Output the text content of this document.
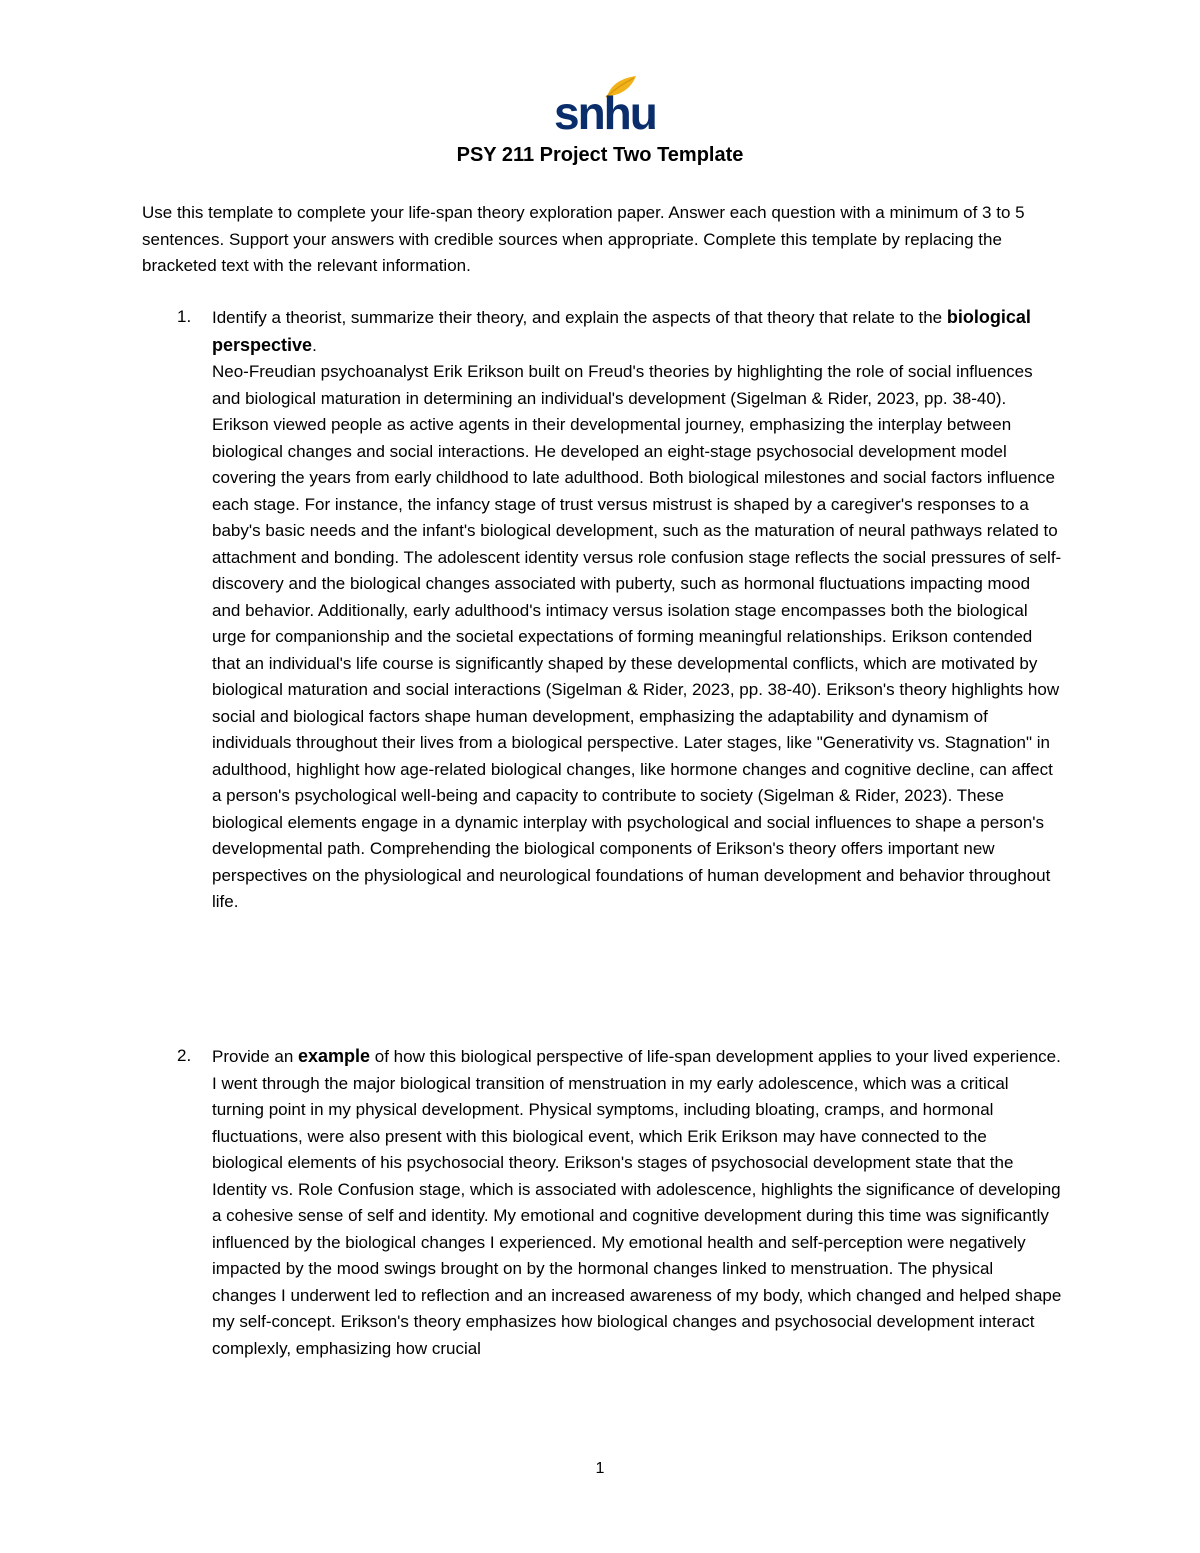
snhu
PSY 211 Project Two Template
Use this template to complete your life-span theory exploration paper. Answer each question with a minimum of 3 to 5 sentences. Support your answers with credible sources when appropriate. Complete this template by replacing the bracketed text with the relevant information.
1. Identify a theorist, summarize their theory, and explain the aspects of that theory that relate to the biological perspective.
Neo-Freudian psychoanalyst Erik Erikson built on Freud's theories by highlighting the role of social influences and biological maturation in determining an individual's development (Sigelman & Rider, 2023, pp. 38-40). Erikson viewed people as active agents in their developmental journey, emphasizing the interplay between biological changes and social interactions. He developed an eight-stage psychosocial development model covering the years from early childhood to late adulthood. Both biological milestones and social factors influence each stage. For instance, the infancy stage of trust versus mistrust is shaped by a caregiver's responses to a baby's basic needs and the infant's biological development, such as the maturation of neural pathways related to attachment and bonding. The adolescent identity versus role confusion stage reflects the social pressures of self-discovery and the biological changes associated with puberty, such as hormonal fluctuations impacting mood and behavior. Additionally, early adulthood's intimacy versus isolation stage encompasses both the biological urge for companionship and the societal expectations of forming meaningful relationships. Erikson contended that an individual's life course is significantly shaped by these developmental conflicts, which are motivated by biological maturation and social interactions (Sigelman & Rider, 2023, pp. 38-40). Erikson's theory highlights how social and biological factors shape human development, emphasizing the adaptability and dynamism of individuals throughout their lives from a biological perspective. Later stages, like "Generativity vs. Stagnation" in adulthood, highlight how age-related biological changes, like hormone changes and cognitive decline, can affect a person's psychological well-being and capacity to contribute to society (Sigelman & Rider, 2023). These biological elements engage in a dynamic interplay with psychological and social influences to shape a person's developmental path. Comprehending the biological components of Erikson's theory offers important new perspectives on the physiological and neurological foundations of human development and behavior throughout life.
2. Provide an example of how this biological perspective of life-span development applies to your lived experience.
I went through the major biological transition of menstruation in my early adolescence, which was a critical turning point in my physical development. Physical symptoms, including bloating, cramps, and hormonal fluctuations, were also present with this biological event, which Erik Erikson may have connected to the biological elements of his psychosocial theory. Erikson's stages of psychosocial development state that the Identity vs. Role Confusion stage, which is associated with adolescence, highlights the significance of developing a cohesive sense of self and identity. My emotional and cognitive development during this time was significantly influenced by the biological changes I experienced. My emotional health and self-perception were negatively impacted by the mood swings brought on by the hormonal changes linked to menstruation. The physical changes I underwent led to reflection and an increased awareness of my body, which changed and helped shape my self-concept. Erikson's theory emphasizes how biological changes and psychosocial development interact complexly, emphasizing how crucial
1
